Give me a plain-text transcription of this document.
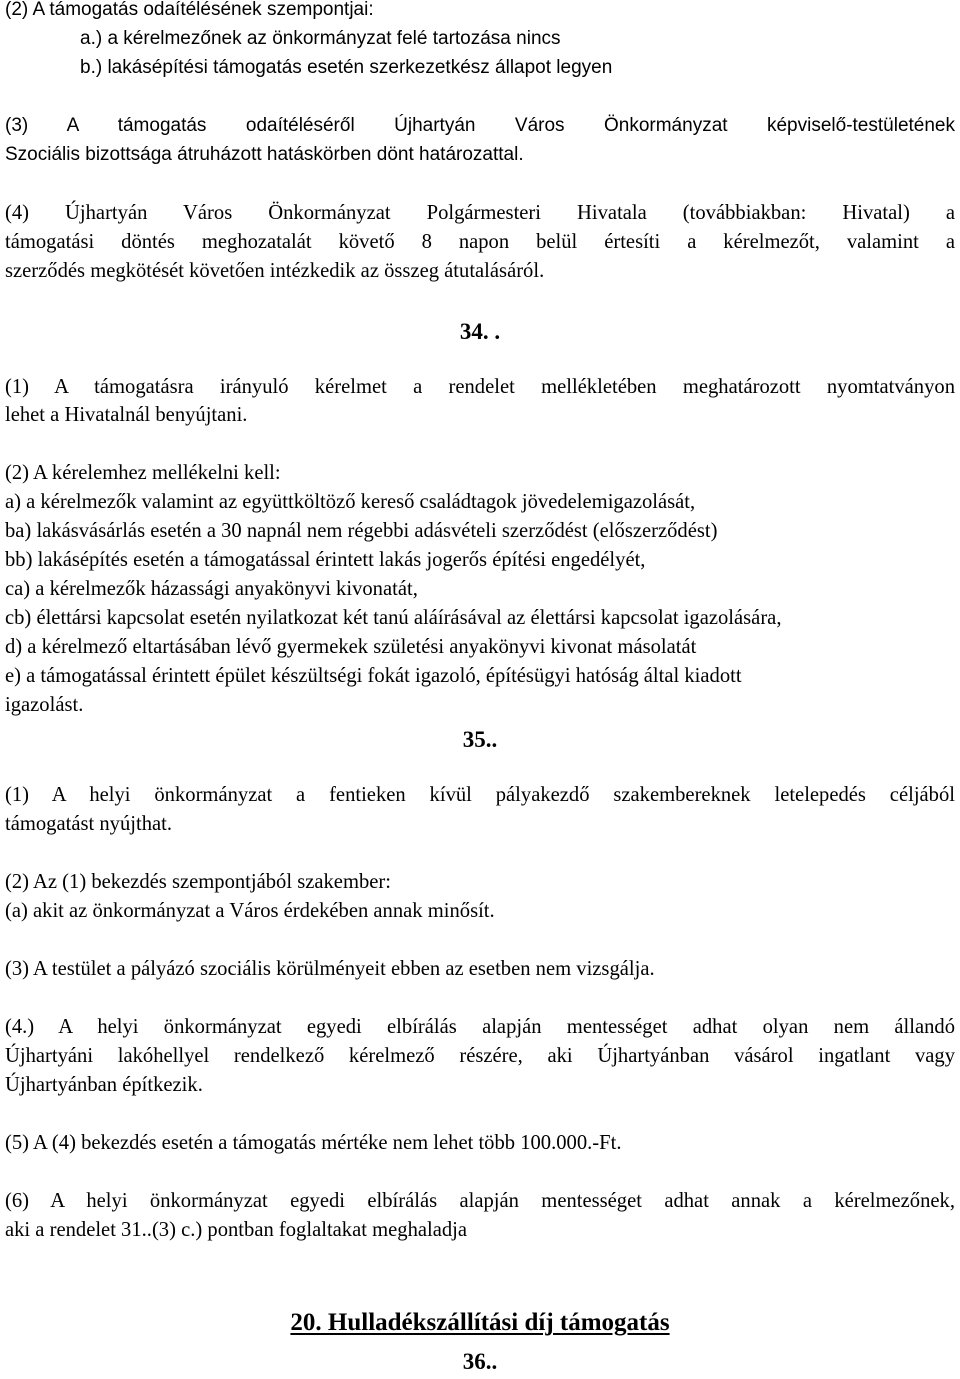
(2) A támogatás odaítélésének szempontjai:
a.) a kérelmezőnek az önkormányzat felé tartozása nincs
b.) lakásépítési támogatás esetén szerkezetkész állapot legyen
(3) A támogatás odaítéléséről Újhartyán Város Önkormányzat képviselő-testületének
Szociális bizottsága átruházott hatáskörben dönt határozattal.
(4) Újhartyán Város Önkormányzat Polgármesteri Hivatala (továbbiakban: Hivatal) a
támogatási döntés meghozatalát követő 8 napon belül értesíti a kérelmezőt, valamint a
szerződés megkötését követően intézkedik az összeg átutalásáról.
34. .
(1) A támogatásra irányuló kérelmet a rendelet mellékletében meghatározott nyomtatványon
lehet a Hivatalnál benyújtani.
(2) A kérelemhez mellékelni kell:
a) a kérelmezők valamint az együttköltöző kereső családtagok jövedelemigazolását,
ba) lakásvásárlás esetén a 30 napnál nem régebbi adásvételi szerződést (előszerződést)
bb) lakásépítés esetén a támogatással érintett lakás jogerős építési engedélyét,
ca) a kérelmezők házassági anyakönyvi kivonatát,
cb) élettársi kapcsolat esetén nyilatkozat két tanú aláírásával az élettársi kapcsolat igazolására,
d) a kérelmező eltartásában lévő gyermekek születési anyakönyvi kivonat másolatát
e) a támogatással érintett épület készültségi fokát igazoló, építésügyi hatóság által kiadott
igazolást.
35..
(1) A helyi önkormányzat a fentieken kívül pályakezdő szakembereknek letelepedés céljából
támogatást nyújthat.
(2) Az (1) bekezdés szempontjából szakember:
(a) akit az önkormányzat a Város érdekében annak minősít.
(3) A testület a pályázó szociális körülményeit ebben az esetben nem vizsgálja.
(4.) A helyi önkormányzat egyedi elbírálás alapján mentességet adhat olyan nem állandó
Újhartyáni lakóhellyel rendelkező kérelmező részére, aki Újhartyánban vásárol ingatlant vagy
Újhartyánban építkezik.
(5) A (4) bekezdés esetén a támogatás mértéke nem lehet több 100.000.-Ft.
(6) A helyi önkormányzat egyedi elbírálás alapján mentességet adhat annak a kérelmezőnek,
aki a rendelet 31..(3) c.) pontban foglaltakat meghaladja
20. Hulladékszállítási díj támogatás
36..
